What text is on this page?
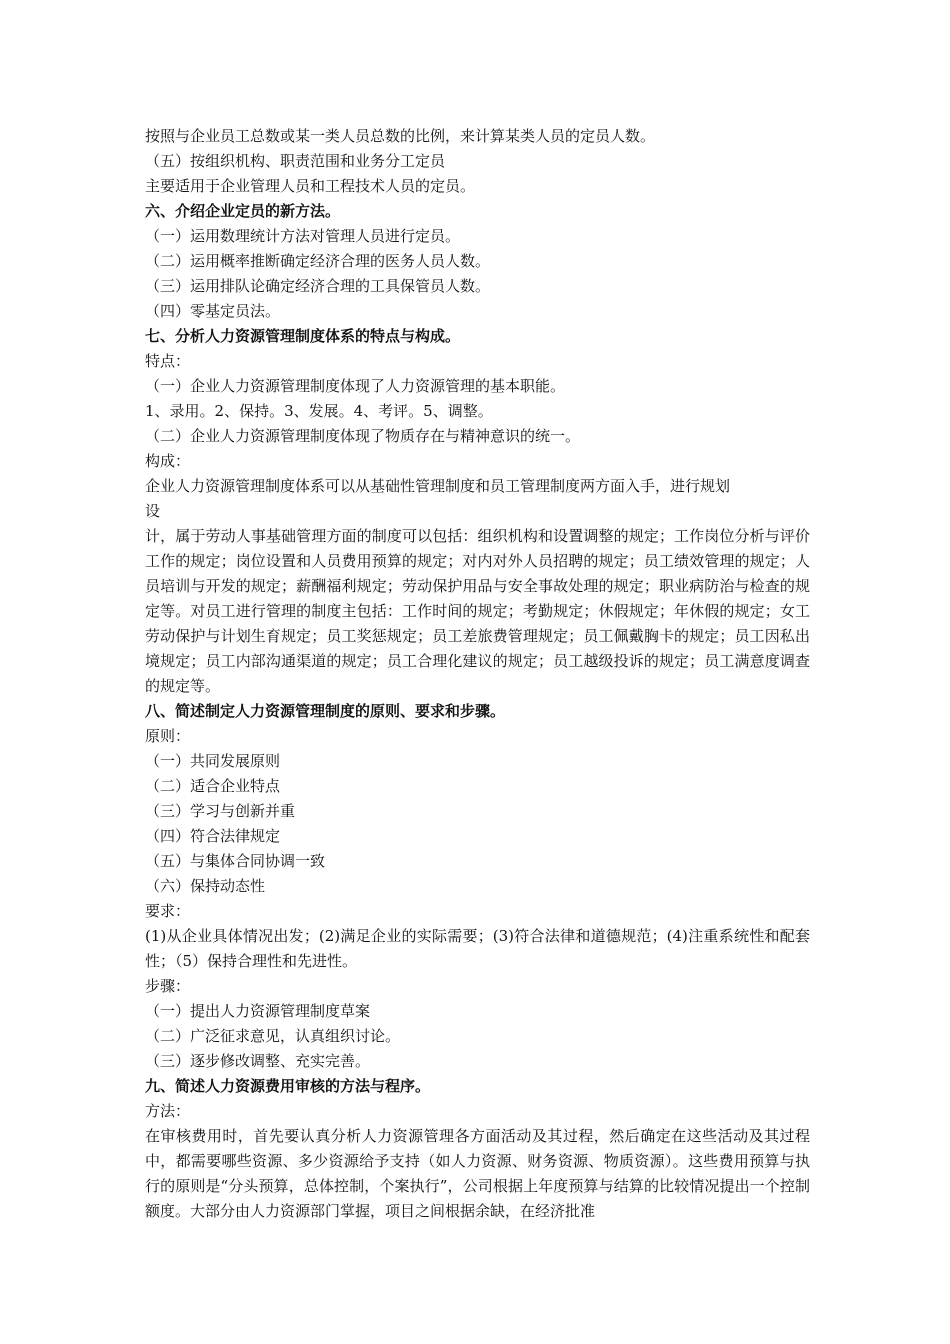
按照与企业员工总数或某一类人员总数的比例，来计算某类人员的定员人数。
（五）按组织机构、职责范围和业务分工定员
主要适用于企业管理人员和工程技术人员的定员。
六、介绍企业定员的新方法。
（一）运用数理统计方法对管理人员进行定员。
（二）运用概率推断确定经济合理的医务人员人数。
（三）运用排队论确定经济合理的工具保管员人数。
（四）零基定员法。
七、分析人力资源管理制度体系的特点与构成。
特点：
（一）企业人力资源管理制度体现了人力资源管理的基本职能。
1、录用。2、保持。3、发展。4、考评。5、调整。
（二）企业人力资源管理制度体现了物质存在与精神意识的统一。
构成：
企业人力资源管理制度体系可以从基础性管理制度和员工管理制度两方面入手，进行规划
设
计，属于劳动人事基础管理方面的制度可以包括：组织机构和设置调整的规定；工作岗位分析与评价工作的规定；岗位设置和人员费用预算的规定；对内对外人员招聘的规定；员工绩效管理的规定；人员培训与开发的规定；薪酬福利规定；劳动保护用品与安全事故处理的规定；职业病防治与检查的规定等。对员工进行管理的制度主包括：工作时间的规定；考勤规定；休假规定；年休假的规定；女工劳动保护与计划生育规定；员工奖惩规定；员工差旅费管理规定；员工佩戴胸卡的规定；员工因私出境规定；员工内部沟通渠道的规定；员工合理化建议的规定；员工越级投诉的规定；员工满意度调查的规定等。
八、简述制定人力资源管理制度的原则、要求和步骤。
原则：
（一）共同发展原则
（二）适合企业特点
（三）学习与创新并重
（四）符合法律规定
（五）与集体合同协调一致
（六）保持动态性
要求：
(1)从企业具体情况出发；(2)满足企业的实际需要；(3)符合法律和道德规范；(4)注重系统性和配套性；（5）保持合理性和先进性。
步骤：
（一）提出人力资源管理制度草案
（二）广泛征求意见，认真组织讨论。
（三）逐步修改调整、充实完善。
九、简述人力资源费用审核的方法与程序。
方法：
在审核费用时，首先要认真分析人力资源管理各方面活动及其过程，然后确定在这些活动及其过程中，都需要哪些资源、多少资源给予支持（如人力资源、财务资源、物质资源）。这些费用预算与执行的原则是“分头预算，总体控制，个案执行”，公司根据上年度预算与结算的比较情况提出一个控制额度。大部分由人力资源部门掌握，项目之间根据余缺，在经济批准
